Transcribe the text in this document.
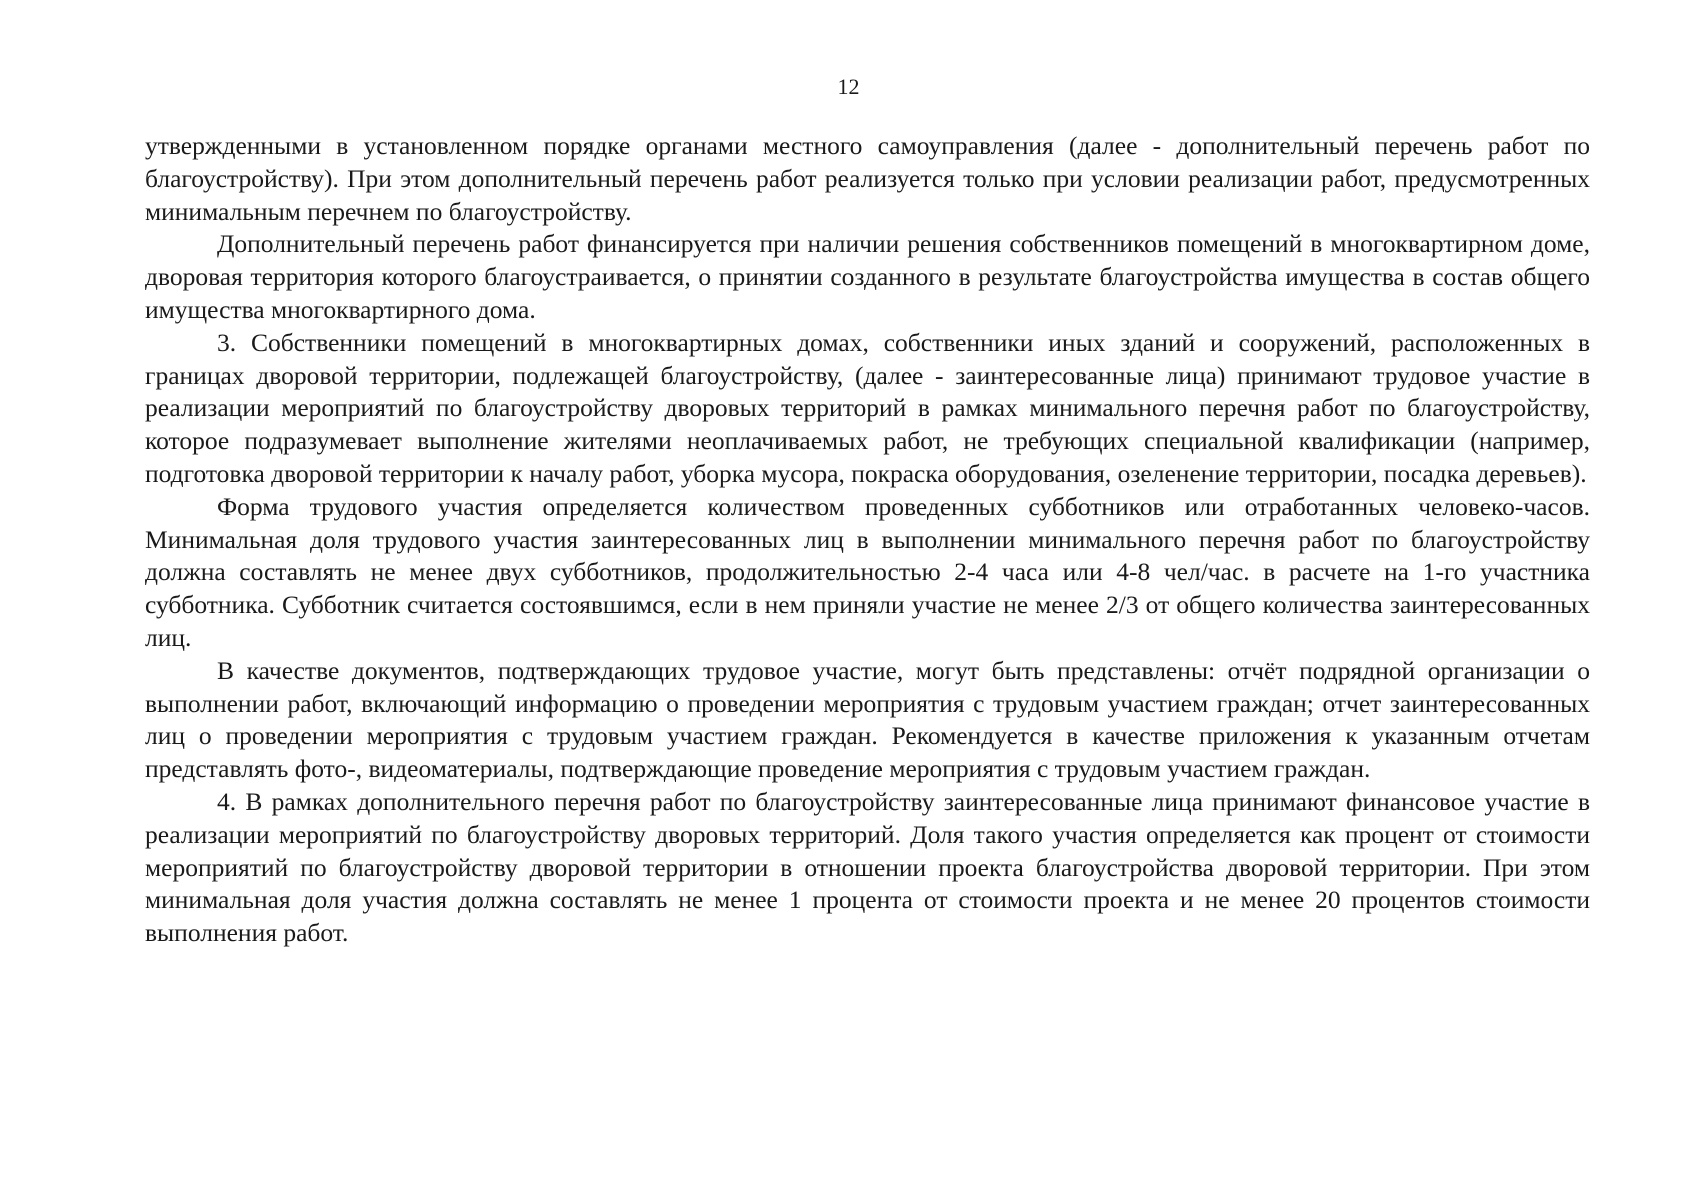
12

утвержденными в установленном порядке органами местного самоуправления (далее - дополнительный перечень работ по благоустройству). При этом дополнительный перечень работ реализуется только при условии реализации работ, предусмотренных минимальным перечнем по благоустройству.

Дополнительный перечень работ финансируется при наличии решения собственников помещений в многоквартирном доме, дворовая территория которого благоустраивается, о принятии созданного в результате благоустройства имущества в состав общего имущества многоквартирного дома.

3. Собственники помещений в многоквартирных домах, собственники иных зданий и сооружений, расположенных в границах дворовой территории, подлежащей благоустройству, (далее - заинтересованные лица) принимают трудовое участие в реализации мероприятий по благоустройству дворовых территорий в рамках минимального перечня работ по благоустройству, которое подразумевает выполнение жителями неоплачиваемых работ, не требующих специальной квалификации (например, подготовка дворовой территории к началу работ, уборка мусора, покраска оборудования, озеленение территории, посадка деревьев).

Форма трудового участия определяется количеством проведенных субботников или отработанных человеко-часов. Минимальная доля трудового участия заинтересованных лиц в выполнении минимального перечня работ по благоустройству должна составлять не менее двух субботников, продолжительностью 2-4 часа или 4-8 чел/час. в расчете на 1-го участника субботника. Субботник считается состоявшимся, если в нем приняли участие не менее 2/3 от общего количества заинтересованных лиц.

В качестве документов, подтверждающих трудовое участие, могут быть представлены: отчёт подрядной организации о выполнении работ, включающий информацию о проведении мероприятия с трудовым участием граждан; отчет заинтересованных лиц о проведении мероприятия с трудовым участием граждан. Рекомендуется в качестве приложения к указанным отчетам представлять фото-, видеоматериалы, подтверждающие проведение мероприятия с трудовым участием граждан.

4. В рамках дополнительного перечня работ по благоустройству заинтересованные лица принимают финансовое участие в реализации мероприятий по благоустройству дворовых территорий. Доля такого участия определяется как процент от стоимости мероприятий по благоустройству дворовой территории в отношении проекта благоустройства дворовой территории. При этом минимальная доля участия должна составлять не менее 1 процента от стоимости проекта и не менее 20 процентов стоимости выполнения работ.
